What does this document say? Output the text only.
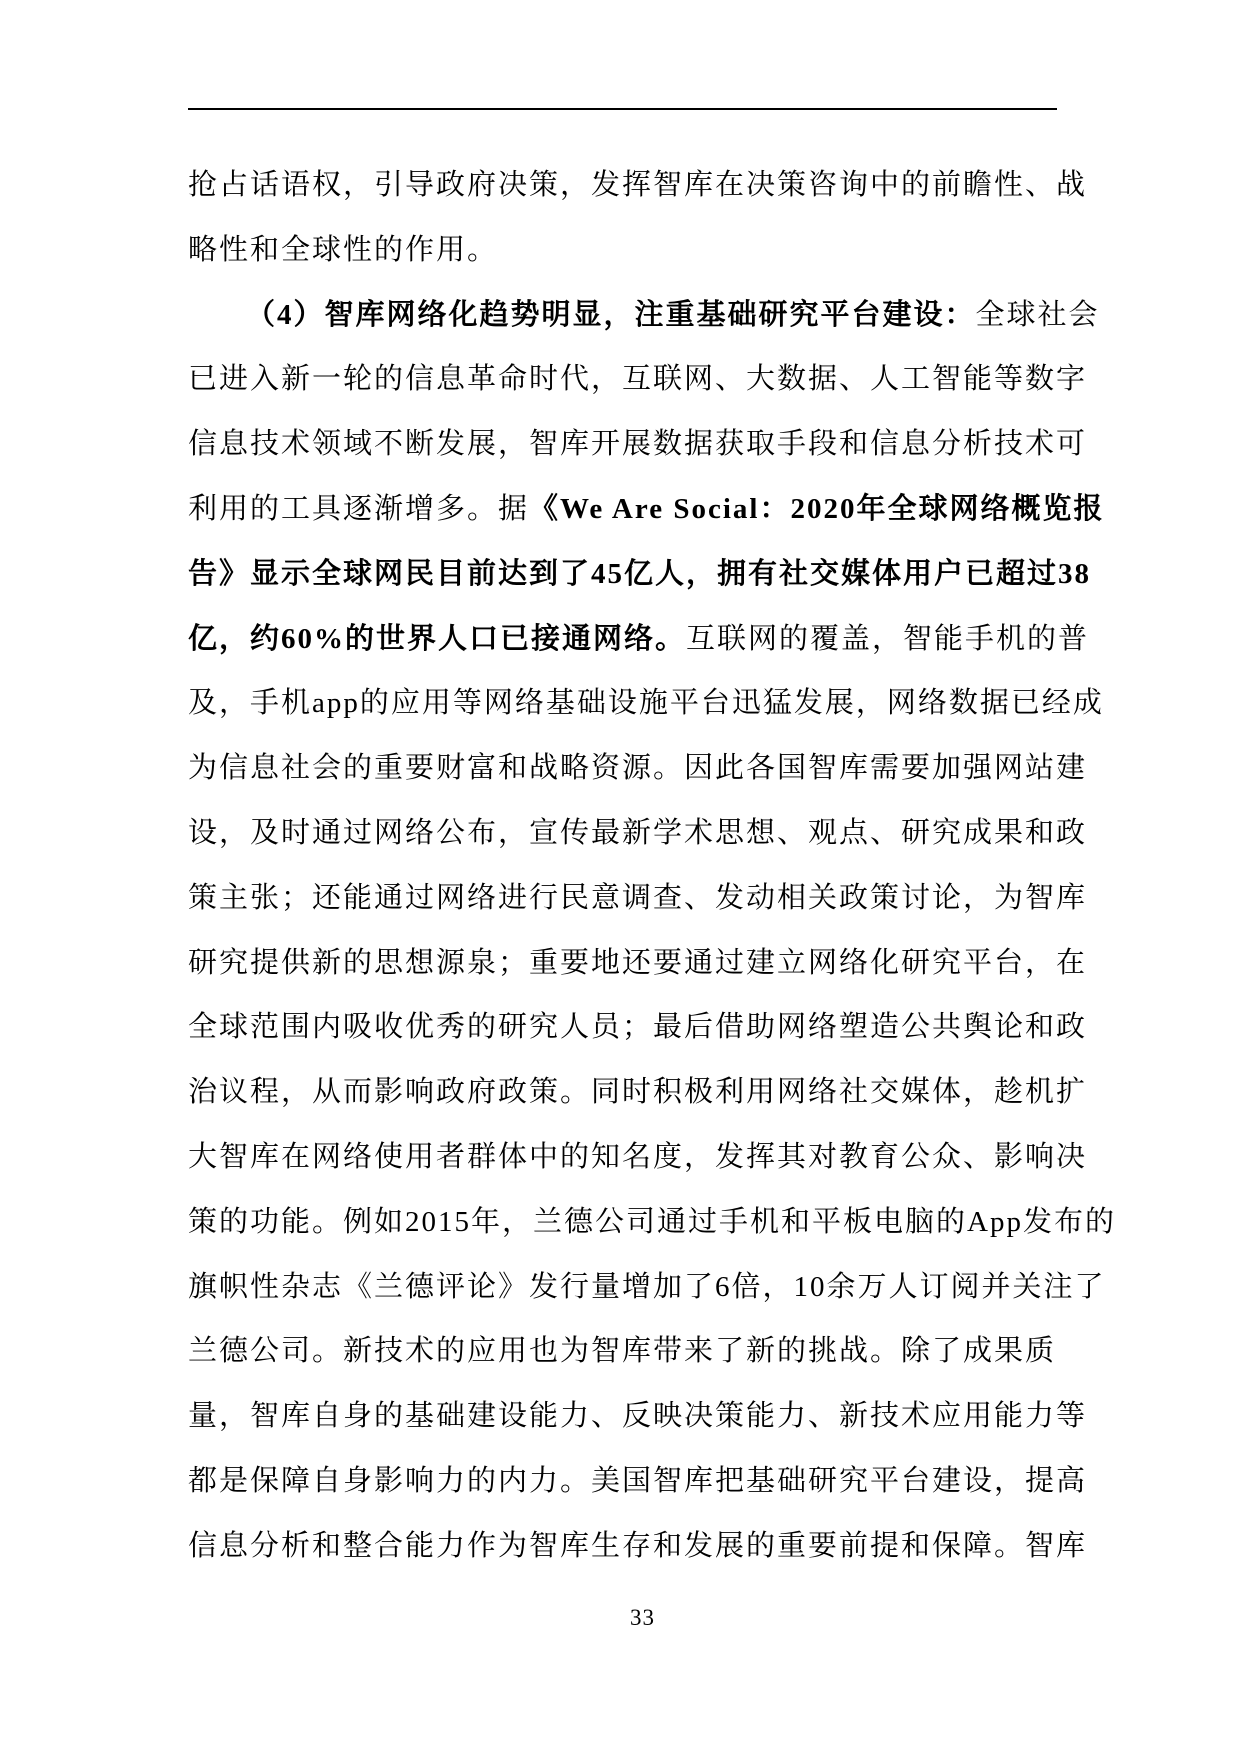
抢占话语权，引导政府决策，发挥智库在决策咨询中的前瞻性、战
略性和全球性的作用。
（4）智库网络化趋势明显，注重基础研究平台建设：全球社会
已进入新一轮的信息革命时代，互联网、大数据、人工智能等数字
信息技术领域不断发展，智库开展数据获取手段和信息分析技术可
利用的工具逐渐增多。据《We Are Social：2020年全球网络概览报
告》显示全球网民目前达到了45亿人，拥有社交媒体用户已超过38
亿，约60%的世界人口已接通网络。互联网的覆盖，智能手机的普
及，手机app的应用等网络基础设施平台迅猛发展，网络数据已经成
为信息社会的重要财富和战略资源。因此各国智库需要加强网站建
设，及时通过网络公布，宣传最新学术思想、观点、研究成果和政
策主张；还能通过网络进行民意调查、发动相关政策讨论，为智库
研究提供新的思想源泉；重要地还要通过建立网络化研究平台，在
全球范围内吸收优秀的研究人员；最后借助网络塑造公共舆论和政
治议程，从而影响政府政策。同时积极利用网络社交媒体，趁机扩
大智库在网络使用者群体中的知名度，发挥其对教育公众、影响决
策的功能。例如2015年，兰德公司通过手机和平板电脑的App发布的
旗帜性杂志《兰德评论》发行量增加了6倍，10余万人订阅并关注了
兰德公司。新技术的应用也为智库带来了新的挑战。除了成果质
量，智库自身的基础建设能力、反映决策能力、新技术应用能力等
都是保障自身影响力的内力。美国智库把基础研究平台建设，提高
信息分析和整合能力作为智库生存和发展的重要前提和保障。智库
33
